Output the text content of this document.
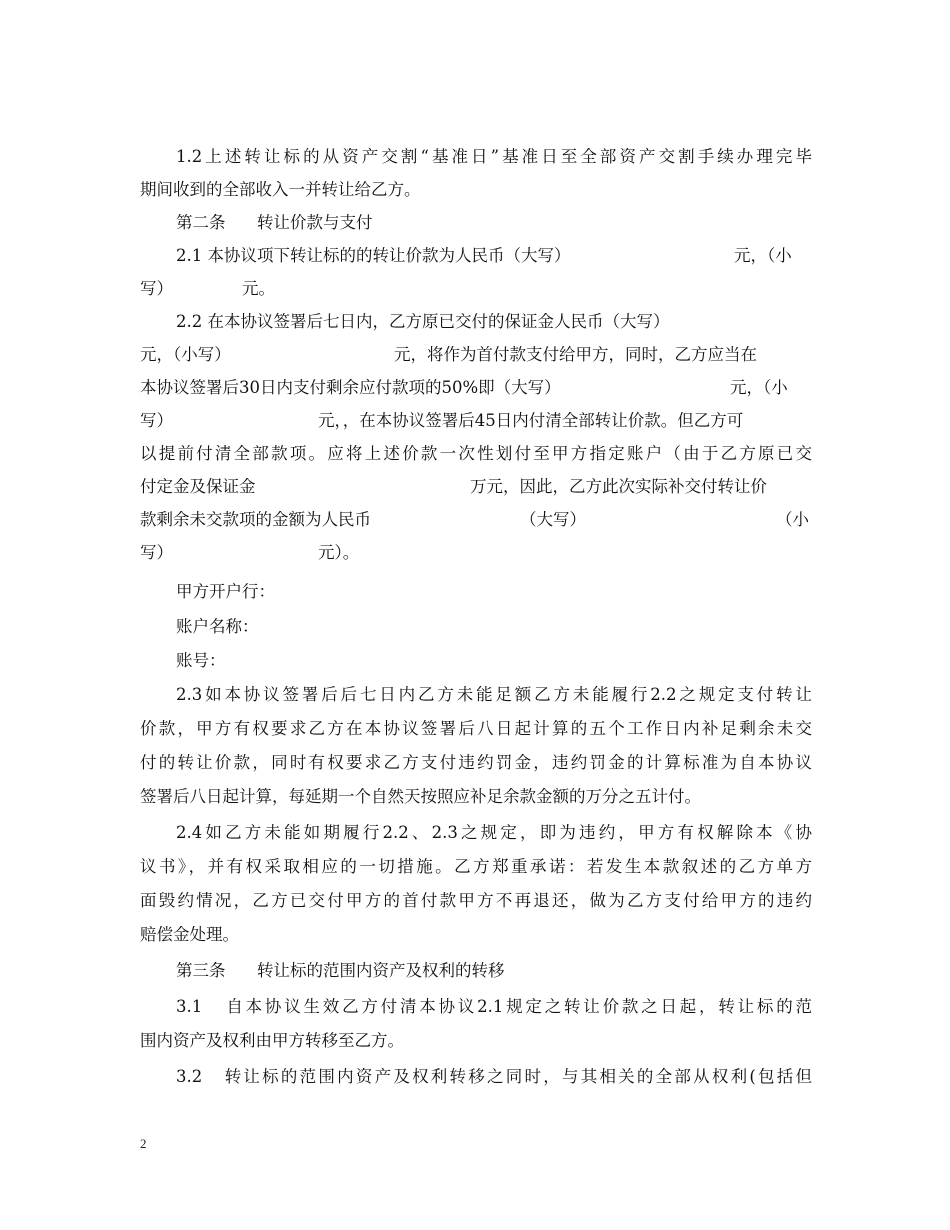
1.2上述转让标的从资产交割“基准日”基准日至全部资产交割手续办理完毕
期间收到的全部收入一并转让给乙方。
第二条      转让价款与支付

2.1 本协议项下转让标的的转让价款为人民币（大写）

	元，（小

写）

	元。

2.2 在本协议签署后七日内，乙方原已交付的保证金人民币（大写）

元，（小写）

	元，将作为首付款支付给甲方，同时，乙方应当在

本协议签署后30日内支付剩余应付款项的50%即（大写）

	元，（小

写）

	元，，在本协议签署后45日内付清全部转让价款。但乙方可

以提前付清全部款项。应将上述价款一次性划付至甲方指定账户（由于乙方原已交

付定金及保证金

	万元，因此，乙方此次实际补交付转让价

款剩余未交款项的金额为人民币

	（大写）

	（小

写）

	元）。

甲方开户行：
账户名称：
账号：
2.3如本协议签署后后七日内乙方未能足额乙方未能履行2.2之规定支付转让
价款，甲方有权要求乙方在本协议签署后八日起计算的五个工作日内补足剩余未交
付的转让价款，同时有权要求乙方支付违约罚金，违约罚金的计算标准为自本协议
签署后八日起计算，每延期一个自然天按照应补足余款金额的万分之五计付。
2.4如乙方未能如期履行2.2、2.3之规定，即为违约，甲方有权解除本《协
议书》，并有权采取相应的一切措施。乙方郑重承诺：若发生本款叙述的乙方单方
面毁约情况，乙方已交付甲方的首付款甲方不再退还，做为乙方支付给甲方的违约
赔偿金处理。
第三条      转让标的范围内资产及权利的转移
3.1   自本协议生效乙方付清本协议2.1规定之转让价款之日起，转让标的范
围内资产及权利由甲方转移至乙方。
3.2   转让标的范围内资产及权利转移之同时，与其相关的全部从权利(包括但
2
